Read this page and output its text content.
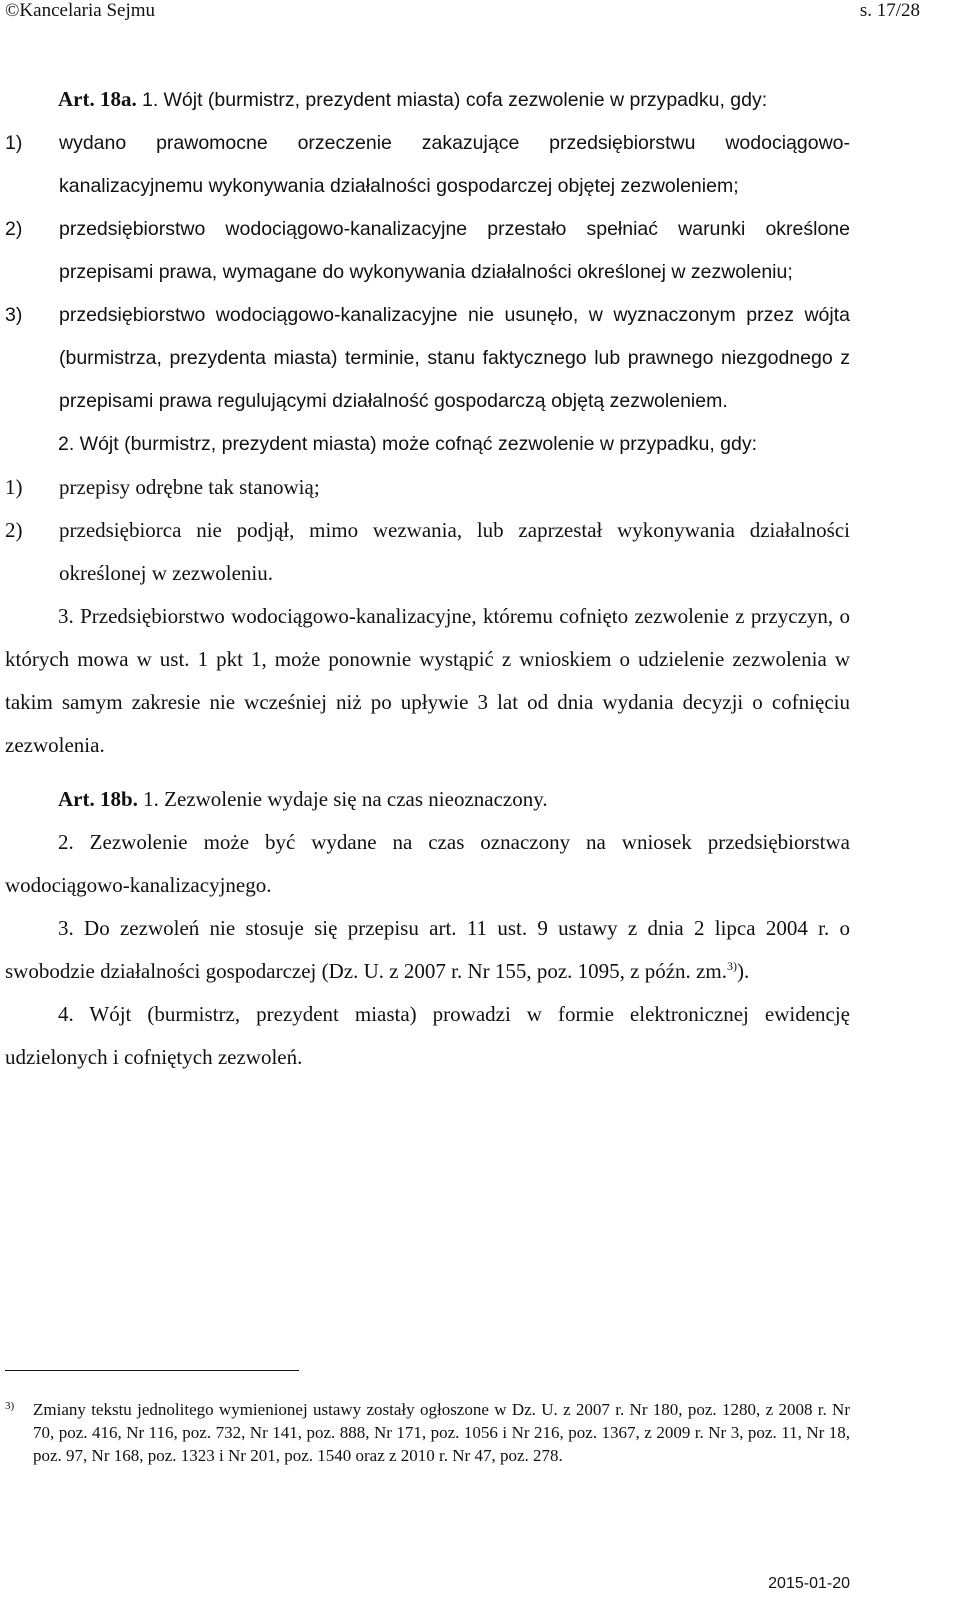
©Kancelaria Sejmu	s. 17/28

Art. 18a. 1. Wójt (burmistrz, prezydent miasta) cofa zezwolenie w przypadku, gdy:

1)	wydano prawomocne orzeczenie zakazujące przedsiębiorstwu wodociągowo-kanalizacyjnemu wykonywania działalności gospodarczej objętej zezwoleniem;
2)	przedsiębiorstwo wodociągowo-kanalizacyjne przestało spełniać warunki określone przepisami prawa, wymagane do wykonywania działalności określonej w zezwoleniu;
3)	przedsiębiorstwo wodociągowo-kanalizacyjne nie usunęło, w wyznaczonym przez wójta (burmistrza, prezydenta miasta) terminie, stanu faktycznego lub prawnego niezgodnego z przepisami prawa regulującymi działalność gospodarczą objętą zezwoleniem.

2. Wójt (burmistrz, prezydent miasta) może cofnąć zezwolenie w przypadku, gdy:

1)	przepisy odrębne tak stanowią;
2)	przedsiębiorca nie podjął, mimo wezwania, lub zaprzestał wykonywania działalności określonej w zezwoleniu.

3. Przedsiębiorstwo wodociągowo-kanalizacyjne, któremu cofnięto zezwolenie z przyczyn, o których mowa w ust. 1 pkt 1, może ponownie wystąpić z wnioskiem o udzielenie zezwolenia w takim samym zakresie nie wcześniej niż po upływie 3 lat od dnia wydania decyzji o cofnięciu zezwolenia.

Art. 18b. 1. Zezwolenie wydaje się na czas nieoznaczony.

2. Zezwolenie może być wydane na czas oznaczony na wniosek przedsiębiorstwa wodociągowo-kanalizacyjnego.

3. Do zezwoleń nie stosuje się przepisu art. 11 ust. 9 ustawy z dnia 2 lipca 2004 r. o swobodzie działalności gospodarczej (Dz. U. z 2007 r. Nr 155, poz. 1095, z późn. zm.$^{3)}$).

4. Wójt (burmistrz, prezydent miasta) prowadzi w formie elektronicznej ewidencję udzielonych i cofniętych zezwoleń.

3)	Zmiany tekstu jednolitego wymienionej ustawy zostały ogłoszone w Dz. U. z 2007 r. Nr 180, poz. 1280, z 2008 r. Nr 70, poz. 416, Nr 116, poz. 732, Nr 141, poz. 888, Nr 171, poz. 1056 i Nr 216, poz. 1367, z 2009 r. Nr 3, poz. 11, Nr 18, poz. 97, Nr 168, poz. 1323 i Nr 201, poz. 1540 oraz z 2010 r. Nr 47, poz. 278.
2015-01-20
